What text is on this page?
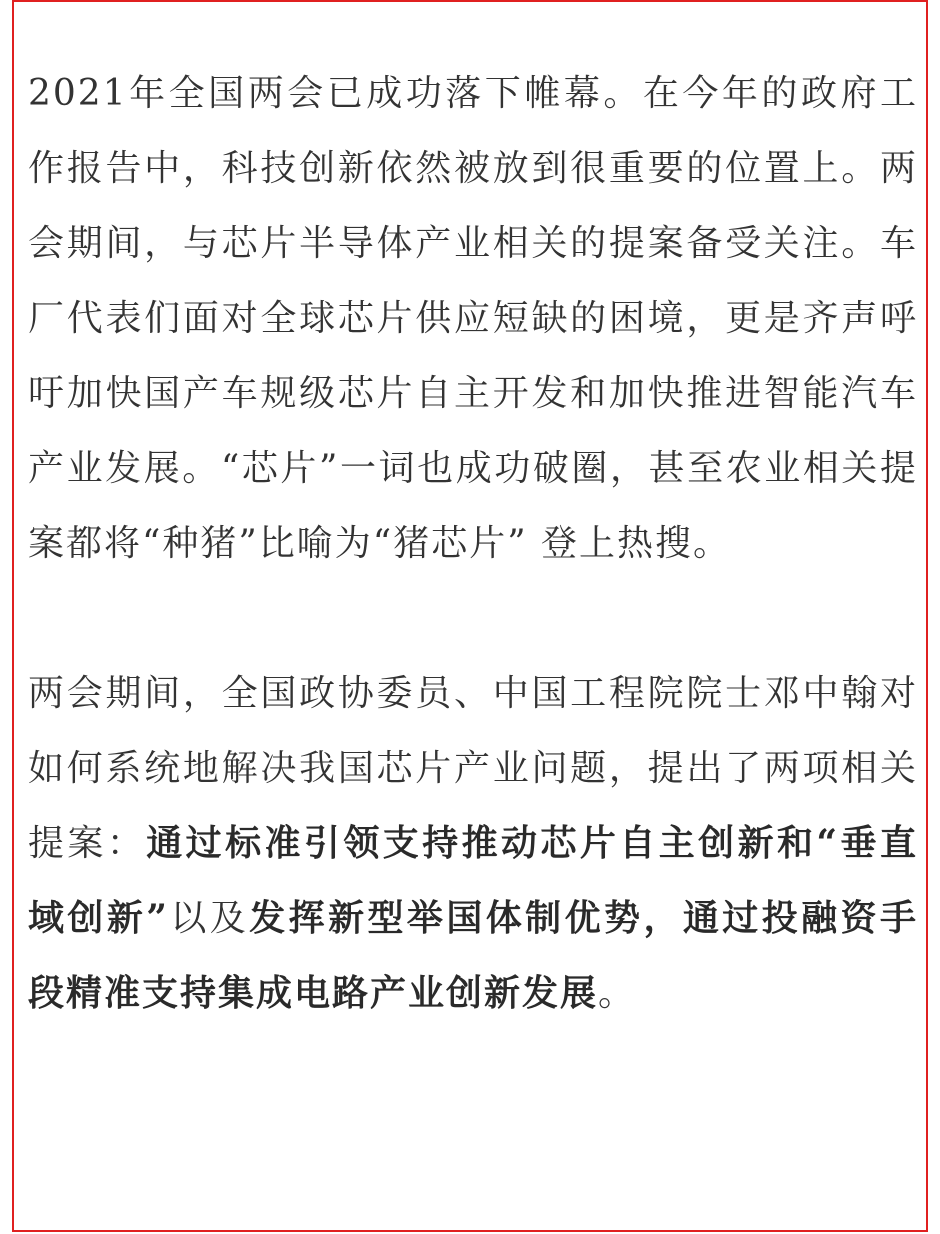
2021年全国两会已成功落下帷幕。在今年的政府工作报告中，科技创新依然被放到很重要的位置上。两会期间，与芯片半导体产业相关的提案备受关注。车厂代表们面对全球芯片供应短缺的困境，更是齐声呼吁加快国产车规级芯片自主开发和加快推进智能汽车产业发展。“芯片”一词也成功破圈，甚至农业相关提案都将“种猪”比喻为“猪芯片” 登上热搜。

两会期间，全国政协委员、中国工程院院士邓中翰对如何系统地解决我国芯片产业问题，提出了两项相关提案：通过标准引领支持推动芯片自主创新和“垂直域创新”以及发挥新型举国体制优势，通过投融资手段精准支持集成电路产业创新发展。
